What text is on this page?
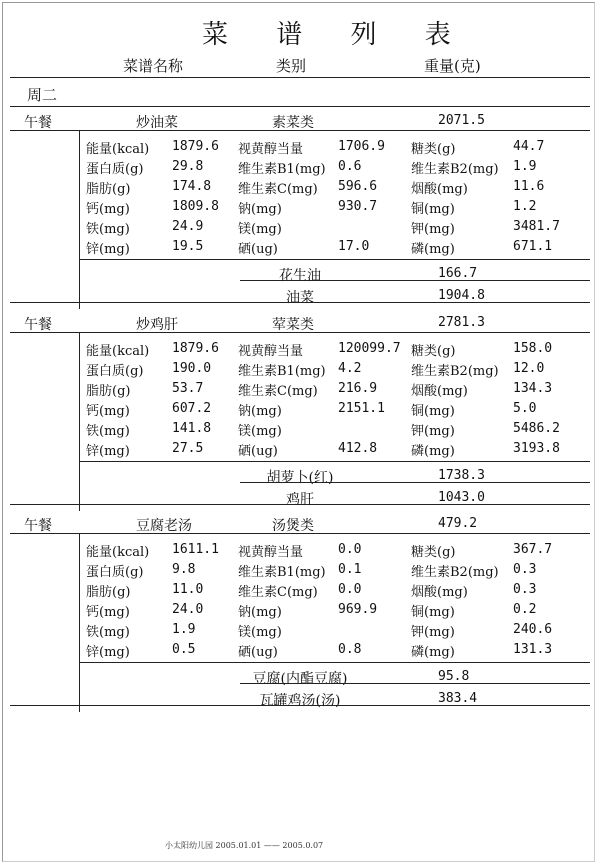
菜 谱 列 表
菜谱名称	类别	重量(克)
周二
午餐	炒油菜	素菜类	2071.5
能量(kcal) 1879.6 视黄醇当量	1706.9 糖类(g)	44.7
蛋白质(g) 29.8	维生素B1(mg) 0.6	维生素B2(mg) 1.9
脂肪(g)	174.8 维生素C(mg) 596.6	烟酸(mg)	11.6
钙(mg)	1809.8 钠(mg)	930.7	铜(mg)	1.2
铁(mg)	24.9	镁(mg)	钾(mg)	3481.7
锌(mg)	19.5	硒(ug)	17.0	磷(mg)	671.1
花生油	166.7
油菜	1904.8
午餐	炒鸡肝	荤菜类	2781.3
能量(kcal) 1879.6 视黄醇当量	120099.7 糖类(g)	158.0
蛋白质(g) 190.0 维生素B1(mg) 4.2	维生素B2(mg) 12.0
脂肪(g)	53.7	维生素C(mg) 216.9	烟酸(mg)	134.3
钙(mg)	607.2 钠(mg)	2151.1 铜(mg)	5.0
铁(mg)	141.8 镁(mg)	钾(mg)	5486.2
锌(mg)	27.5	硒(ug)	412.8	磷(mg)	3193.8
胡萝卜(红)	1738.3
鸡肝	1043.0
午餐	豆腐老汤	汤煲类	479.2
能量(kcal) 1611.1 视黄醇当量	0.0	糖类(g)	367.7
蛋白质(g) 9.8	维生素B1(mg) 0.1	维生素B2(mg) 0.3
脂肪(g)	11.0	维生素C(mg) 0.0	烟酸(mg)	0.3
钙(mg)	24.0	钠(mg)	969.9	铜(mg)	0.2
铁(mg)	1.9	镁(mg)	钾(mg)	240.6
锌(mg)	0.5	硒(ug)	0.8	磷(mg)	131.3
豆腐(内酯豆腐)	95.8
瓦罐鸡汤(汤)	383.4
小太阳幼儿园 2005.01.01 —— 2005.0.07
